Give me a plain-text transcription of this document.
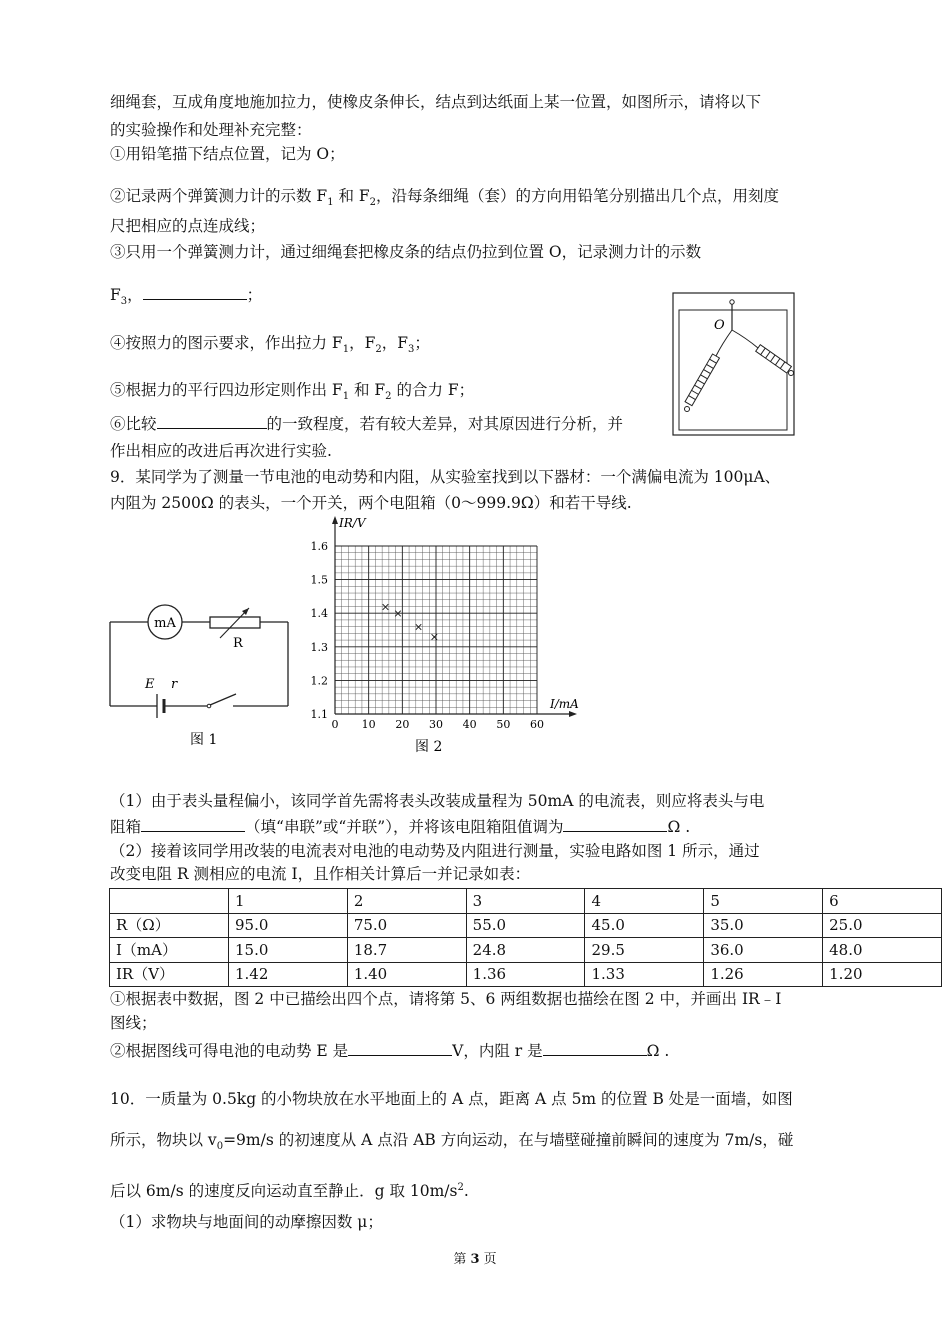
细绳套，互成角度地施加拉力，使橡皮条伸长，结点到达纸面上某一位置，如图所示，请将以下
的实验操作和处理补充完整：
①用铅笔描下结点位置，记为 O；
②记录两个弹簧测力计的示数 $F_1$ 和 $F_2$，沿每条细绳（套）的方向用铅笔分别描出几个点，用刻度
尺把相应的点连成线；
③只用一个弹簧测力计，通过细绳套把橡皮条的结点仍拉到位置 O，记录测力计的示数
$F_3$，	；
④按照力的图示要求，作出拉力 $F_1$，$F_2$，$F_3$；
⑤根据力的平行四边形定则作出 $F_1$ 和 $F_2$ 的合力 F；
⑥比较	的一致程度，若有较大差异，对其原因进行分析，并
作出相应的改进后再次进行实验.
9．某同学为了测量一节电池的电动势和内阻，从实验室找到以下器材：一个满偏电流为 100μA、
内阻为 2500Ω 的表头，一个开关，两个电阻箱（0～999.9Ω）和若干导线.
O
mA
R
E r
图 1
0 10 20 30 40 50 60
1.1
1.2
1.3
1.4
1.5
1.6
×
×
×
×
IR/V
I/mA
图 2
（1）由于表头量程偏小，该同学首先需将表头改装成量程为 50mA 的电流表，则应将表头与电
阻箱	（填“串联”或“并联”），并将该电阻箱阻值调为	Ω .
（2）接着该同学用改装的电流表对电池的电动势及内阻进行测量，实验电路如图 1 所示，通过
改变电阻 R 测相应的电流 I，且作相关计算后一并记录如表：
	1	2	3	4	5	6
R（Ω）	95.0	75.0	55.0	45.0	35.0	25.0
I（mA）	15.0	18.7	24.8	29.5	36.0	48.0
IR（V）	1.42	1.40	1.36	1.33	1.26	1.20
①根据表中数据，图 2 中已描绘出四个点，请将第 5、6 两组数据也描绘在图 2 中，并画出 IR﹣I
图线；
②根据图线可得电池的电动势 E 是	V，内阻 r 是	Ω .
10．一质量为 0.5kg 的小物块放在水平地面上的 A 点，距离 A 点 5m 的位置 B 处是一面墙，如图
所示，物块以 $v_0=9m/s$ 的初速度从 A 点沿 AB 方向运动，在与墙壁碰撞前瞬间的速度为 7m/s，碰
后以 6m/s 的速度反向运动直至静止．g 取 $10m/s^2$.
（1）求物块与地面间的动摩擦因数 μ；
第 3 页
